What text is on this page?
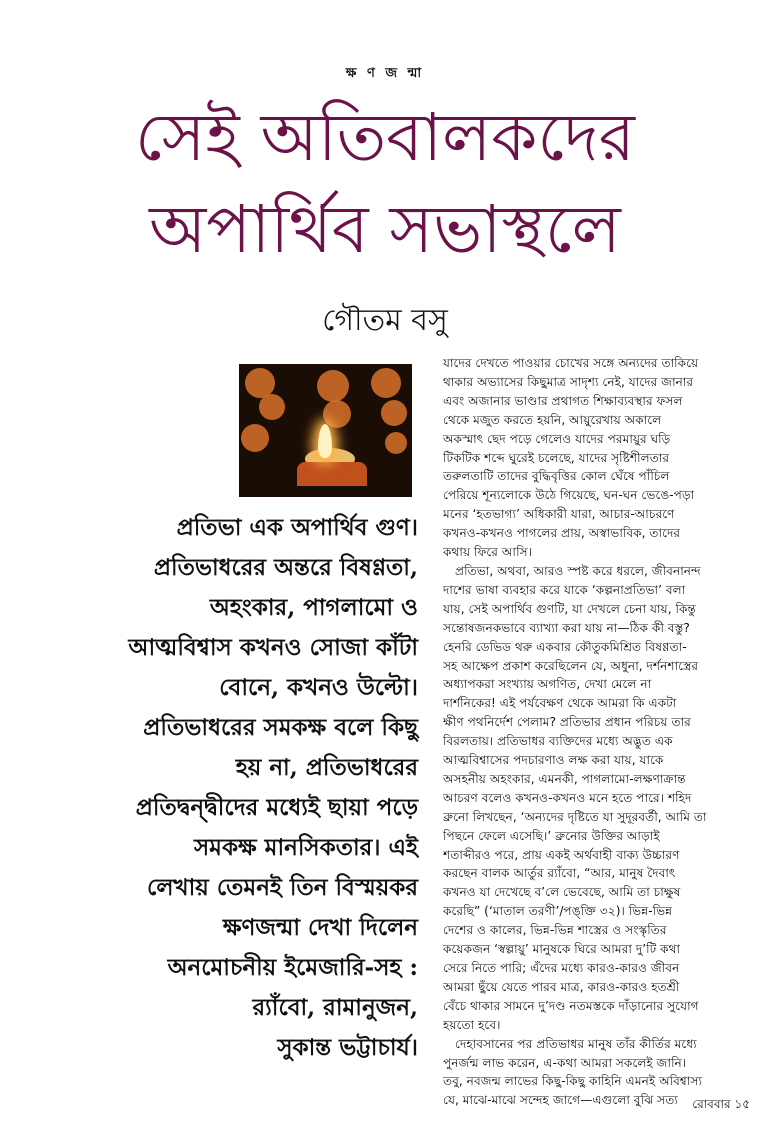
ক্ষ ণ জ ন্মা
সেই অতিবালকদের
অপার্থিব সভাস্থলে
গৌতম বসু
প্রতিভা এক অপার্থিব গুণ।
প্রতিভাধরের অন্তরে বিষণ্ণতা,
অহংকার, পাগলামো ও
আত্মবিশ্বাস কখনও সোজা কাঁটা
বোনে, কখনও উল্টো।
প্রতিভাধরের সমকক্ষ বলে কিছু
হয় না, প্রতিভাধরের
প্রতিদ্বন্দ্বীদের মধ্যেই ছায়া পড়ে
সমকক্ষ মানসিকতার। এই
লেখায় তেমনই তিন বিস্ময়কর
ক্ষণজন্মা দেখা দিলেন
অনমোচনীয় ইমেজারি-সহ :
র‍্যাঁবো, রামানুজন,
সুকান্ত ভট্টাচার্য।
যাদের দেখতে পাওয়ার চোখের সঙ্গে অন্যদের তাকিয়ে
থাকার অভ্যাসের কিছুমাত্র সাদৃশ্য নেই, যাদের জানার
এবং অজানার ভাণ্ডার প্রথাগত শিক্ষাব্যবস্থার ফসল
থেকে মজুত করতে হয়নি, আয়ুরেখায় অকালে
অকস্মাৎ ছেদ পড়ে গেলেও যাদের পরমায়ুর ঘড়ি
টিকটিক শব্দে ঘুরেই চলেছে, যাদের সৃষ্টিশীলতার
তরুলতাটি তাদের বুদ্ধিবৃত্তির কোল ঘেঁষে পাঁচিল
পেরিয়ে শূন্যলোকে উঠে গিয়েছে, ঘন-ঘন ভেঙে-পড়া
মনের ‘হতভাগ্য’ অধিকারী যারা, আচার-আচরণে
কখনও-কখনও পাগলের প্রায়, অস্বাভাবিক, তাদের
কথায় ফিরে আসি।
প্রতিভা, অথবা, আরও স্পষ্ট করে ধরলে, জীবনানন্দ
দাশের ভাষা ব্যবহার করে যাকে ‘কল্পনাপ্রতিভা’ বলা
যায়, সেই অপার্থিব গুণটি, যা দেখলে চেনা যায়, কিন্তু
সন্তোষজনকভাবে ব্যাখ্যা করা যায় না—ঠিক কী বস্তু?
হেনরি ডেভিড থরু একবার কৌতুকমিশ্রিত বিষণ্ণতা-
সহ আক্ষেপ প্রকাশ করেছিলেন যে, অধুনা, দর্শনশাস্ত্রের
অধ্যাপকরা সংখ্যায় অগণিত, দেখা মেলে না
দার্শনিকের! এই পর্যবেক্ষণ থেকে আমরা কি একটা
ক্ষীণ পথনির্দেশ পেলাম? প্রতিভার প্রধান পরিচয় তার
বিরলতায়। প্রতিভাধর ব্যক্তিদের মধ্যে অদ্ভুত এক
আত্মবিশ্বাসের পদচারণাও লক্ষ করা যায়, যাকে
অসহনীয় অহংকার, এমনকী, পাগলামো-লক্ষণাক্রান্ত
আচরণ বলেও কখনও-কখনও মনে হতে পারে। শহিদ
ব্রুনো লিখছেন, ‘অন্যদের দৃষ্টিতে যা সুদূরবর্তী, আমি তা
পিছনে ফেলে এসেছি।’ ব্রুনোর উক্তির আড়াই
শতাব্দীরও পরে, প্রায় একই অর্থবাহী বাক্য উচ্চারণ
করছেন বালক আর্তুর র‍্যাঁবো, “আর, মানুষ দৈবাৎ
কখনও যা দেখেছে ব’লে ভেবেছে, আমি তা চাক্ষুষ
করেছি” (‘মাতাল তরণী’/পঙ্‌ক্তি ৩২)। ভিন্ন-ভিন্ন
দেশের ও কালের, ভিন্ন-ভিন্ন শাস্ত্রের ও সংস্কৃতির
কয়েকজন ‘স্বল্পায়ু’ মানুষকে ঘিরে আমরা দু’টি কথা
সেরে নিতে পারি; এঁদের মধ্যে কারও-কারও জীবন
আমরা ছুঁয়ে যেতে পারব মাত্র, কারও-কারও হতশ্রী
বেঁচে থাকার সামনে দু’দণ্ড নতমস্তকে দাঁড়ানোর সুযোগ
হয়তো হবে।
দেহাবসানের পর প্রতিভাধর মানুষ তাঁর কীর্তির মধ্যে
পুনর্জন্ম লাভ করেন, এ-কথা আমরা সকলেই জানি।
তবু, নবজন্ম লাভের কিছু-কিছু কাহিনি এমনই অবিশ্বাস্য
যে, মাঝে-মাঝে সন্দেহ জাগে—এগুলো বুঝি সত্য	রোববার ১৫
